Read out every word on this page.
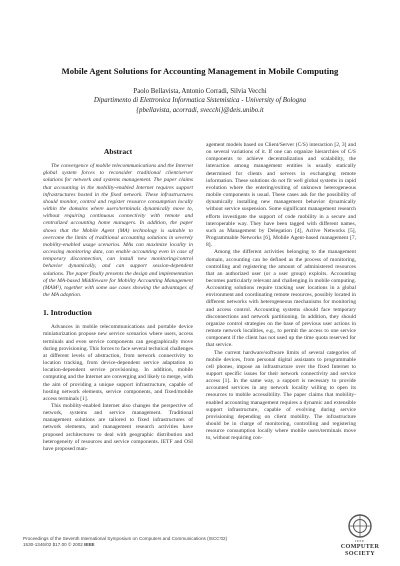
Mobile Agent Solutions for Accounting Management in Mobile Computing
Paolo Bellavista, Antonio Corradi, Silvia Vecchi
Dipartimento di Elettronica Informatica Sistemistica - University of Bologna
{pbellavista, acorradi, svecchi}@deis.unibo.it
Abstract

The convergence of mobile telecommunications and the Internet global system forces to reconsider traditional client/server solutions for network and systems management. The paper claims that accounting in the mobility-enabled Internet requires support infrastructures hosted in the fixed network. These infrastructures should monitor, control and register resource consumption locally within the domains where users/terminals dynamically move to, without requiring continuous connectivity with remote and centralized accounting home managers. In addition, the paper shows that the Mobile Agent (MA) technology is suitable to overcome the limits of traditional accounting solutions in severely mobility-enabled usage scenarios. MAs can maximize locality in accessing monitoring data, can enable accounting even in case of temporary disconnection, can install new monitoring/control behavior dynamically, and can support session-dependent solutions. The paper finally presents the design and implementation of the MA-based Middleware for Mobility Accounting Management (MAM²), together with some use cases showing the advantages of the MA adoption.

1. Introduction

Advances in mobile telecommunications and portable device miniaturization propose new service scenarios where users, access terminals and even service components can geographically move during provisioning. This forces to face several technical challenges at different levels of abstraction, from network connectivity to location tracking, from device-dependent service adaptation to location-dependent service provisioning. In addition, mobile computing and the Internet are converging and likely to merge, with the aim of providing a unique support infrastructure, capable of hosting network elements, service components, and fixed/mobile access terminals [1].

This mobility-enabled Internet also changes the perspective of network, systems and service management. Traditional management solutions are tailored to fixed infrastructures of network elements, and management research activities have proposed architectures to deal with geographic distribution and heterogeneity of resources and service components. IETF and OSI have proposed man-

agement models based on Client/Server (C/S) interaction [2, 3] and on several variations of it. If one can organize hierarchies of C/S components to achieve decentralization and scalability, the interaction among management entities is usually statically determined for clients and servers in exchanging remote information. These solutions do not fit well global systems in rapid evolution where the entering/exiting of unknown heterogeneous mobile components is usual. These cases ask for the possibility of dynamically installing new management behavior dynamically without service suspension. Some significant management research efforts investigate the support of code mobility in a secure and interoperable way. They have been tagged with different names, such as Management by Delegation [4], Active Networks [5], Programmable Networks [6], Mobile Agent-based management [7, 8].

Among the different activities belonging to the management domain, accounting can be defined as the process of monitoring, controlling and registering the amount of administered resources that an authorized user (or a user group) exploits. Accounting becomes particularly relevant and challenging in mobile computing. Accounting solutions require tracking user locations in a global environment and coordinating remote resources, possibly located in different networks with heterogeneous mechanisms for monitoring and access control. Accounting systems should face temporary disconnections and network partitioning. In addition, they should organize control strategies on the base of previous user actions in remote network localities, e.g., to permit the access to one service component if the client has not used up the time quota reserved for that service.

The current hardware/software limits of several categories of mobile devices, from personal digital assistants to programmable cell phones, impose an infrastructure over the fixed Internet to support specific issues for their network connectivity and service access [1]. In the same way, a support is necessary to provide accounted services in any network locality willing to open its resources to mobile accessibility. The paper claims that mobility-enabled accounting management requires a dynamic and extensible support infrastructure, capable of evolving during service provisioning depending on client mobility. The infrastructure should be in charge of monitoring, controlling and registering resource consumption locally where mobile users/terminals move to, without requiring con-

Proceedings of the Seventh International Symposium on Computers and Communications (ISCC'02)
1530-1346/02 $17.00 © 2002 IEEE
IEEE
COMPUTER
SOCIETY
